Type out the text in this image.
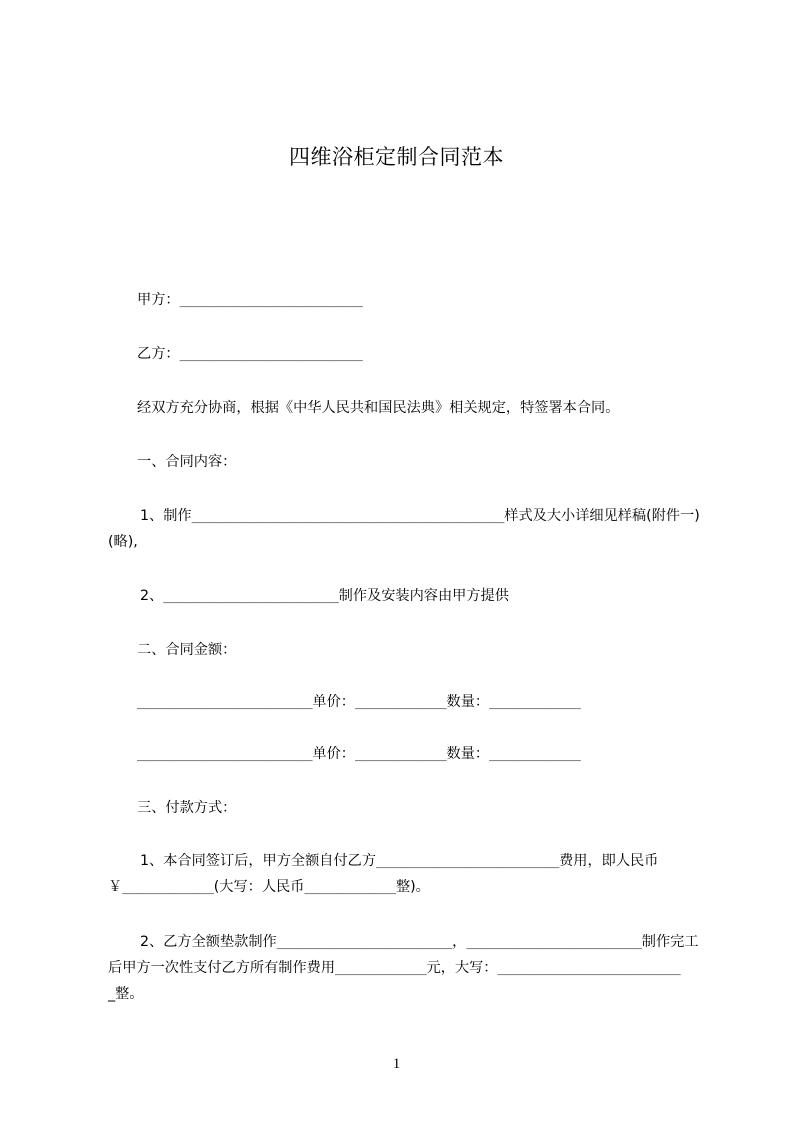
四维浴柜定制合同范本
甲方：________________________
乙方：________________________
经双方充分协商，根据《中华人民共和国民法典》相关规定，特签署本合同。
一、合同内容：
1、制作_________________________________________样式及大小详细见样稿(附件一)
(略),
2、_______________________制作及安装内容由甲方提供
二、合同金额：
_______________________单价：____________数量：____________
_______________________单价：____________数量：____________
三、付款方式：
1、本合同签订后，甲方全额自付乙方________________________费用，即人民币
￥____________(大写：人民币____________整)。
2、乙方全额垫款制作_______________________，_______________________制作完工
后甲方一次性支付乙方所有制作费用____________元，大写：________________________
_整。
1
